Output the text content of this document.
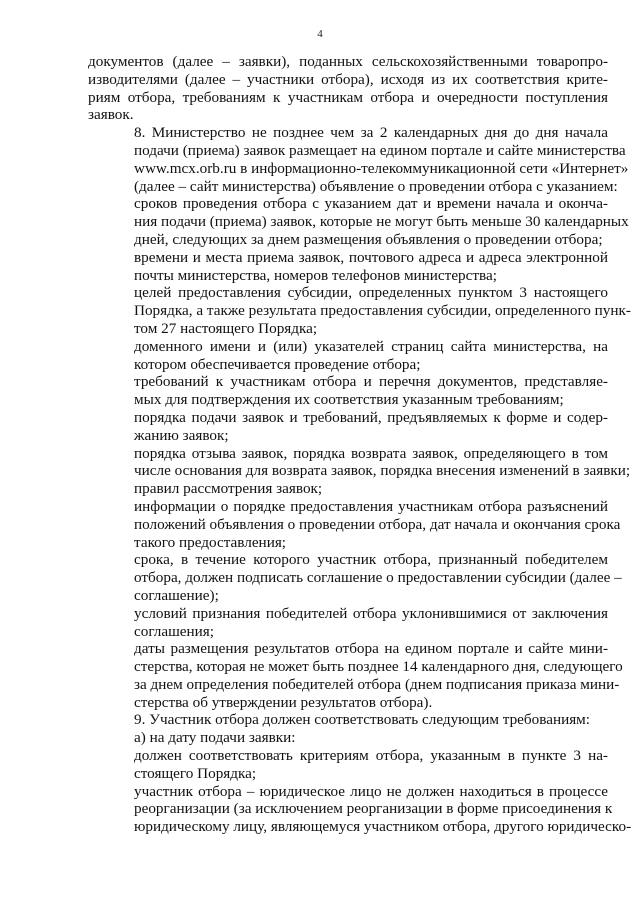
4

документов (далее – заявки), поданных сельскохозяйственными товаропро-
изводителями (далее – участники отбора), исходя из их соответствия крите-
риям отбора, требованиям к участникам отбора и очередности поступления
заявок.

8. Министерство не позднее чем за 2 календарных дня до дня начала
подачи (приема) заявок размещает на едином портале и сайте министерства
www.mcx.orb.ru в информационно-телекоммуникационной сети «Интернет»
(далее – сайт министерства) объявление о проведении отбора с указанием:

сроков проведения отбора с указанием дат и времени начала и оконча-
ния подачи (приема) заявок, которые не могут быть меньше 30 календарных
дней, следующих за днем размещения объявления о проведении отбора;

времени и места приема заявок, почтового адреса и адреса электронной
почты министерства, номеров телефонов министерства;

целей предоставления субсидии, определенных пунктом 3 настоящего
Порядка, а также результата предоставления субсидии, определенного пунк-
том 27 настоящего Порядка;

доменного имени и (или) указателей страниц сайта министерства, на
котором обеспечивается проведение отбора;

требований к участникам отбора и перечня документов, представляе-
мых для подтверждения их соответствия указанным требованиям;

порядка подачи заявок и требований, предъявляемых к форме и содер-
жанию заявок;

порядка отзыва заявок, порядка возврата заявок, определяющего в том
числе основания для возврата заявок, порядка внесения изменений в заявки;

правил рассмотрения заявок;

информации о порядке предоставления участникам отбора разъяснений
положений объявления о проведении отбора, дат начала и окончания срока
такого предоставления;

срока, в течение которого участник отбора, признанный победителем
отбора, должен подписать соглашение о предоставлении субсидии (далее –
соглашение);

условий признания победителей отбора уклонившимися от заключения
соглашения;

даты размещения результатов отбора на едином портале и сайте мини-
стерства, которая не может быть позднее 14 календарного дня, следующего
за днем определения победителей отбора (днем подписания приказа мини-
стерства об утверждении результатов отбора).

9. Участник отбора должен соответствовать следующим требованиям:

а) на дату подачи заявки:

должен соответствовать критериям отбора, указанным в пункте 3 на-
стоящего Порядка;

участник отбора – юридическое лицо не должен находиться в процессе
реорганизации (за исключением реорганизации в форме присоединения к
юридическому лицу, являющемуся участником отбора, другого юридическо-
